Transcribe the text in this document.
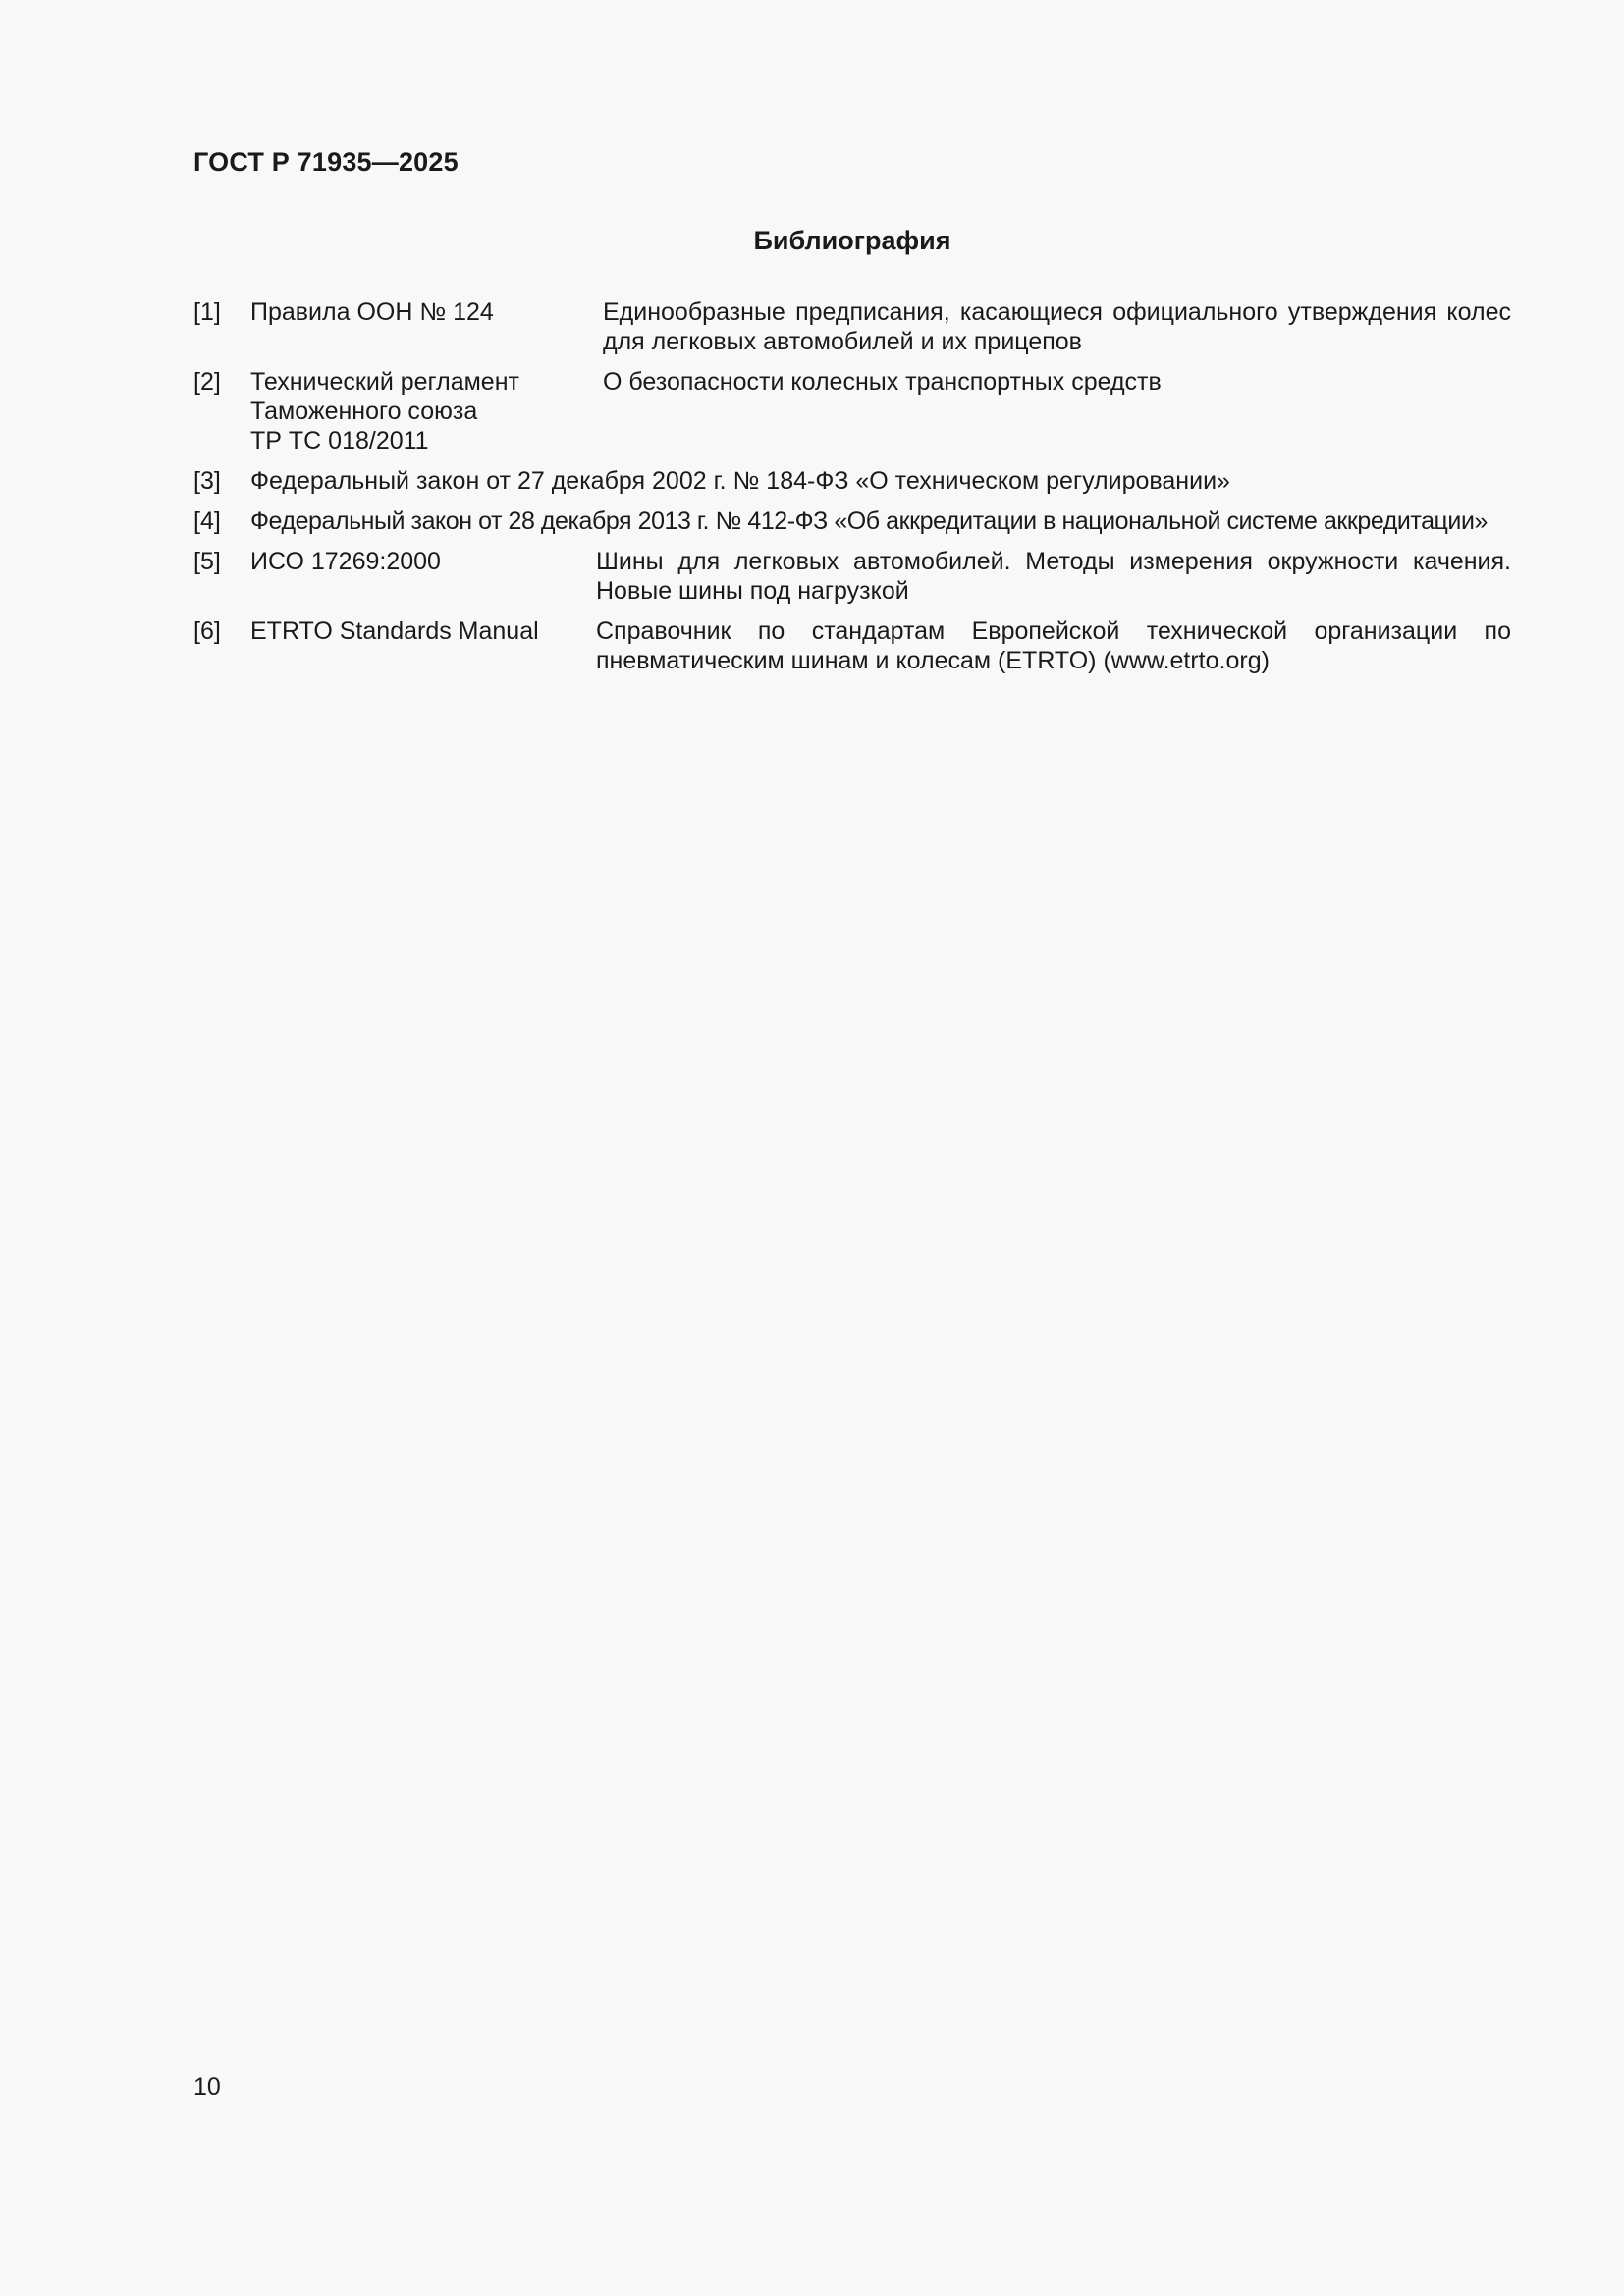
ГОСТ Р 71935—2025
Библиография
[1] Правила ООН № 124	Единообразные предписания, касающиеся официального утверждения колес для легковых автомобилей и их прицепов
[2] Технический регламент
Таможенного союза
ТР ТС 018/2011
О безопасности колесных транспортных средств
[3] Федеральный закон от 27 декабря 2002 г. № 184-ФЗ «О техническом регулировании»
[4] Федеральный закон от 28 декабря 2013 г. № 412-ФЗ «Об аккредитации в национальной системе аккредитации»
[5] ИСО 17269:2000	Шины для легковых автомобилей. Методы измерения окружности качения. Новые шины под нагрузкой
[6] ETRTO Standards Manual Справочник по стандартам Европейской технической организации по пневматическим шинам и колесам (ETRTO) (www.etrto.org)
10
